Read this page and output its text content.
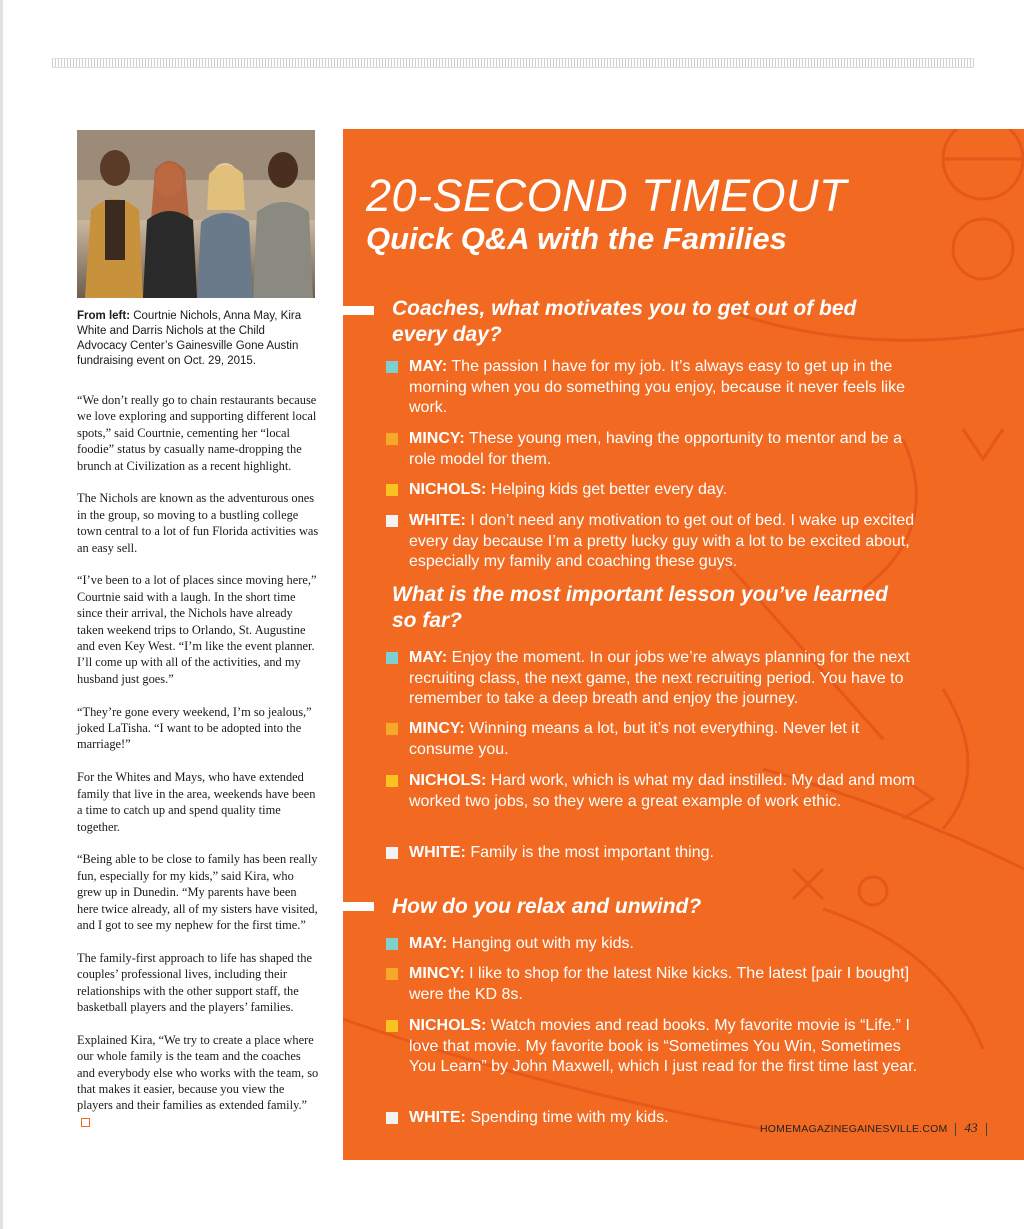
From left: Courtnie Nichols, Anna May, Kira White and Darris Nichols at the Child Advocacy Center’s Gainesville Gone Austin fundraising event on Oct. 29, 2015.

“We don’t really go to chain restaurants because we love exploring and supporting different local spots,” said Courtnie, cementing her “local foodie” status by casually name-dropping the brunch at Civilization as a recent highlight.

The Nichols are known as the adventurous ones in the group, so moving to a bustling college town central to a lot of fun Florida activities was an easy sell.

“I’ve been to a lot of places since moving here,” Courtnie said with a laugh. In the short time since their arrival, the Nichols have already taken weekend trips to Orlando, St. Augustine and even Key West. “I’m like the event planner. I’ll come up with all of the activities, and my husband just goes.”

“They’re gone every weekend, I’m so jealous,” joked LaTisha. “I want to be adopted into the marriage!”

For the Whites and Mays, who have extended family that live in the area, weekends have been a time to catch up and spend quality time together.

“Being able to be close to family has been really fun, especially for my kids,” said Kira, who grew up in Dunedin. “My parents have been here twice already, all of my sisters have visited, and I got to see my nephew for the first time.”

The family-first approach to life has shaped the couples’ professional lives, including their relationships with the other support staff, the basketball players and the players’ families.

Explained Kira, “We try to create a place where our whole family is the team and the coaches and everybody else who works with the team, so that makes it easier, because you view the players and their families as extended family.”

20-SECOND TIMEOUT
Quick Q&A with the Families
Coaches, what motivates you to get out of bed every day?
MAY: The passion I have for my job. It’s always easy to get up in the morning when you do something you enjoy, because it never feels like work.
MINCY: These young men, having the opportunity to mentor and be a role model for them.
NICHOLS: Helping kids get better every day.
WHITE: I don’t need any motivation to get out of bed. I wake up excited every day because I’m a pretty lucky guy with a lot to be excited about, especially my family and coaching these guys.
What is the most important lesson you’ve learned so far?
MAY: Enjoy the moment. In our jobs we’re always planning for the next recruiting class, the next game, the next recruiting period. You have to remember to take a deep breath and enjoy the journey.
MINCY: Winning means a lot, but it’s not everything. Never let it consume you.
NICHOLS: Hard work, which is what my dad instilled. My dad and mom worked two jobs, so they were a great example of work ethic.
WHITE: Family is the most important thing.
How do you relax and unwind?
MAY: Hanging out with my kids.
MINCY: I like to shop for the latest Nike kicks. The latest [pair I bought] were the KD 8s.
NICHOLS: Watch movies and read books. My favorite movie is “Life.” I love that movie. My favorite book is “Sometimes You Win, Sometimes You Learn” by John Maxwell, which I just read for the first time last year.
WHITE: Spending time with my kids.
HOMEMAGAZINEGAINESVILLE.COM 43
